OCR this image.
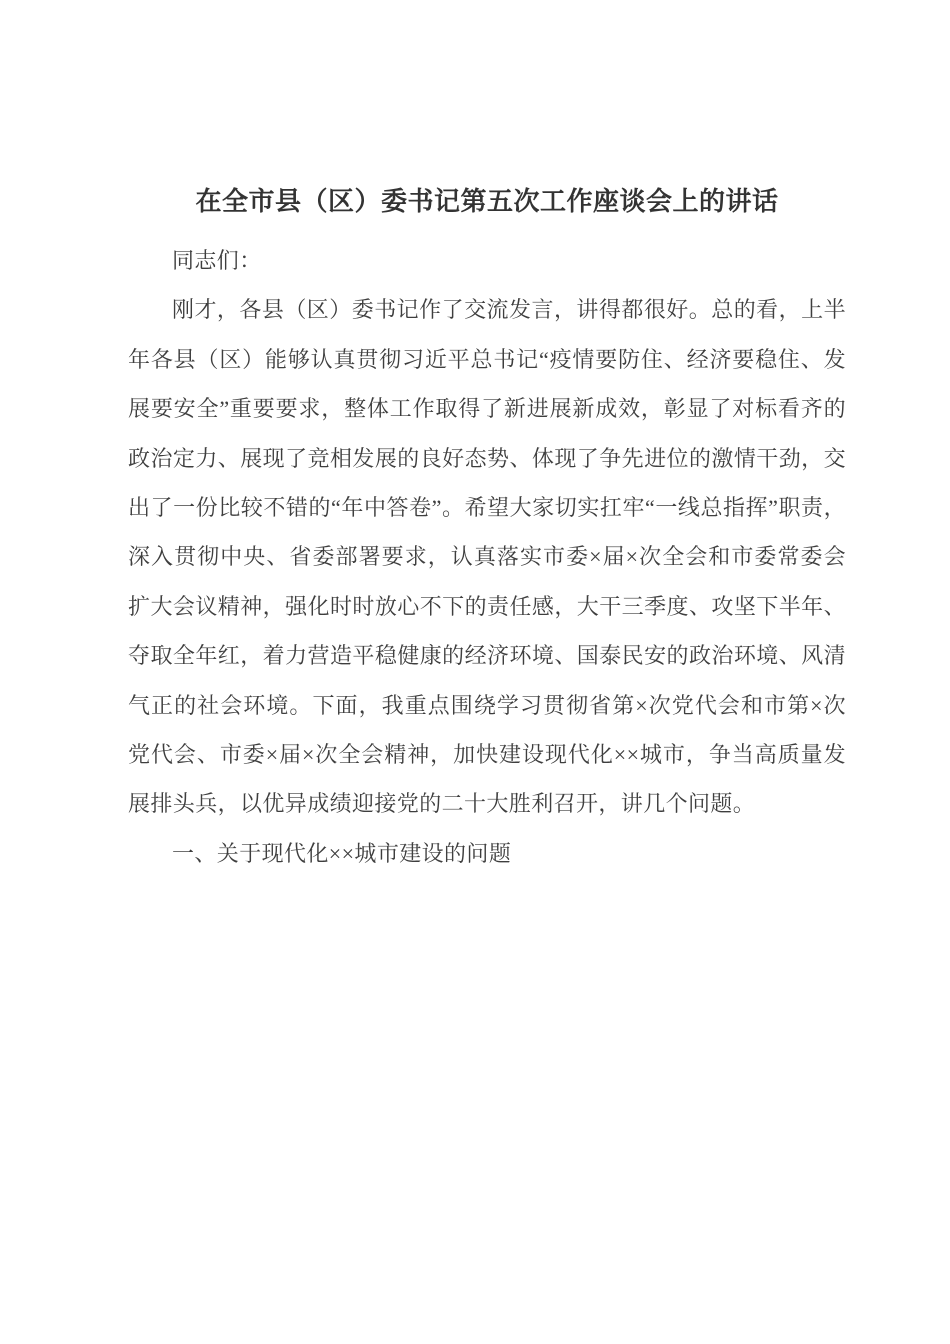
在全市县（区）委书记第五次工作座谈会上的讲话

同志们：

刚才，各县（区）委书记作了交流发言，讲得都很好。总的看，上半年各县（区）能够认真贯彻习近平总书记“疫情要防住、经济要稳住、发展要安全”重要要求，整体工作取得了新进展新成效，彰显了对标看齐的政治定力、展现了竞相发展的良好态势、体现了争先进位的激情干劲，交出了一份比较不错的“年中答卷”。希望大家切实扛牢“一线总指挥”职责，深入贯彻中央、省委部署要求，认真落实市委×届×次全会和市委常委会扩大会议精神，强化时时放心不下的责任感，大干三季度、攻坚下半年、夺取全年红，着力营造平稳健康的经济环境、国泰民安的政治环境、风清气正的社会环境。下面，我重点围绕学习贯彻省第×次党代会和市第×次党代会、市委×届×次全会精神，加快建设现代化××城市，争当高质量发展排头兵，以优异成绩迎接党的二十大胜利召开，讲几个问题。

一、关于现代化××城市建设的问题
